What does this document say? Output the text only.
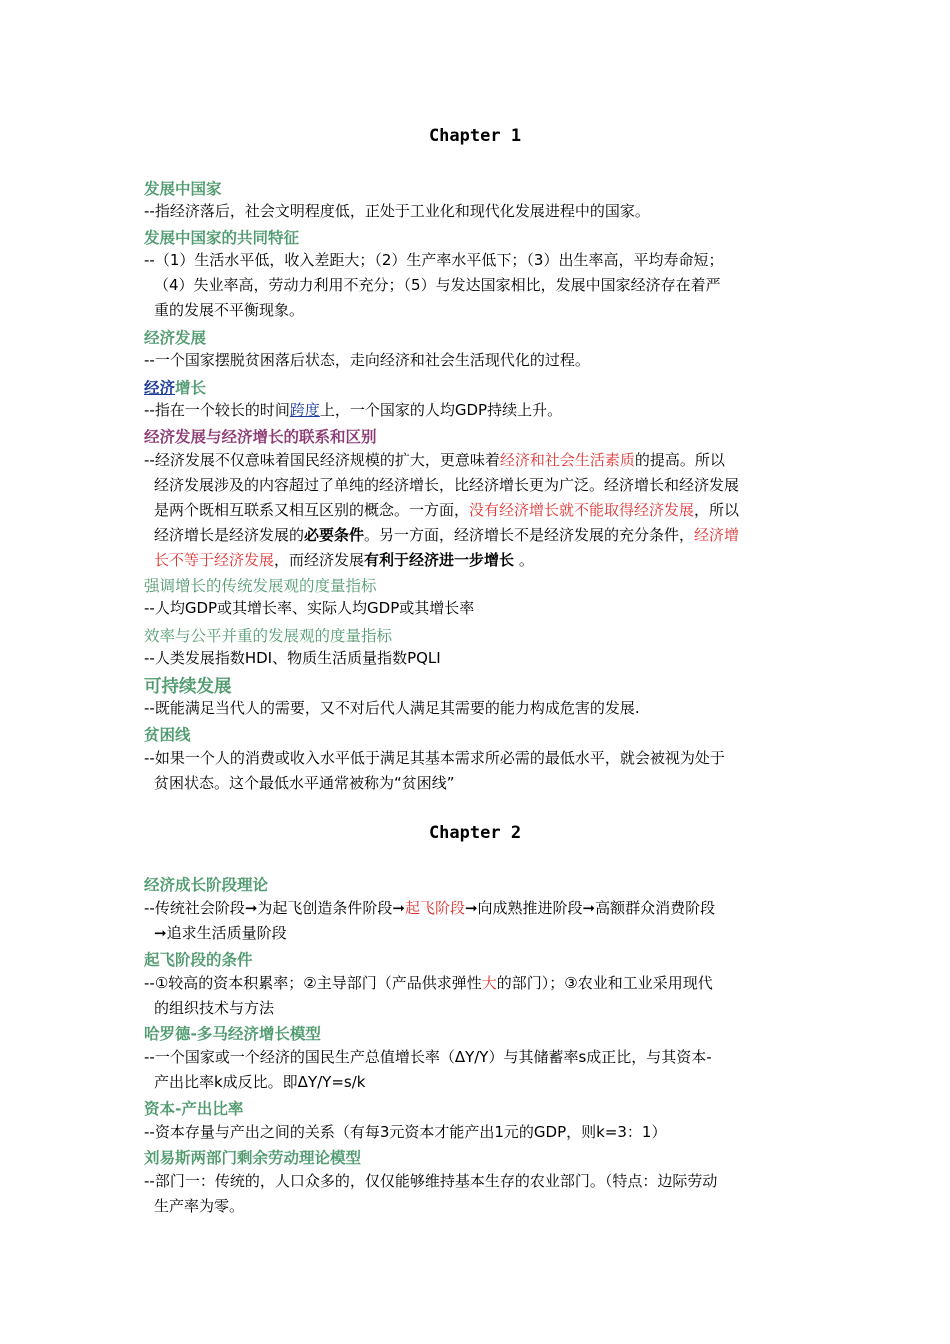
Chapter 1
发展中国家
--指经济落后，社会文明程度低，正处于工业化和现代化发展进程中的国家。
发展中国家的共同特征
--（1）生活水平低，收入差距大；（2）生产率水平低下；（3）出生率高，平均寿命短；
（4）失业率高，劳动力利用不充分；（5）与发达国家相比，发展中国家经济存在着严
重的发展不平衡现象。
经济发展
--一个国家摆脱贫困落后状态，走向经济和社会生活现代化的过程。
经济增长
--指在一个较长的时间跨度上，一个国家的人均GDP持续上升。
经济发展与经济增长的联系和区别
--经济发展不仅意味着国民经济规模的扩大，更意味着经济和社会生活素质的提高。所以
经济发展涉及的内容超过了单纯的经济增长，比经济增长更为广泛。经济增长和经济发展
是两个既相互联系又相互区别的概念。一方面，没有经济增长就不能取得经济发展，所以
经济增长是经济发展的必要条件。另一方面，经济增长不是经济发展的充分条件，经济增
长不等于经济发展，而经济发展有利于经济进一步增长 。
强调增长的传统发展观的度量指标
--人均GDP或其增长率、实际人均GDP或其增长率
效率与公平并重的发展观的度量指标
--人类发展指数HDI、物质生活质量指数PQLI
可持续发展
--既能满足当代人的需要，又不对后代人满足其需要的能力构成危害的发展.
贫困线
--如果一个人的消费或收入水平低于满足其基本需求所必需的最低水平，就会被视为处于
贫困状态。这个最低水平通常被称为“贫困线”
Chapter 2
经济成长阶段理论
--传统社会阶段➞为起飞创造条件阶段➞起飞阶段➞向成熟推进阶段➞高额群众消费阶段
➞追求生活质量阶段
起飞阶段的条件
--①较高的资本积累率；②主导部门（产品供求弹性大的部门）；③农业和工业采用现代
的组织技术与方法
哈罗德-多马经济增长模型
--一个国家或一个经济的国民生产总值增长率（ΔY/Y）与其储蓄率s成正比，与其资本-
产出比率k成反比。即ΔY/Y=s/k
资本-产出比率
--资本存量与产出之间的关系（有每3元资本才能产出1元的GDP，则k=3：1）
刘易斯两部门剩余劳动理论模型
--部门一：传统的，人口众多的，仅仅能够维持基本生存的农业部门。（特点：边际劳动
生产率为零。
